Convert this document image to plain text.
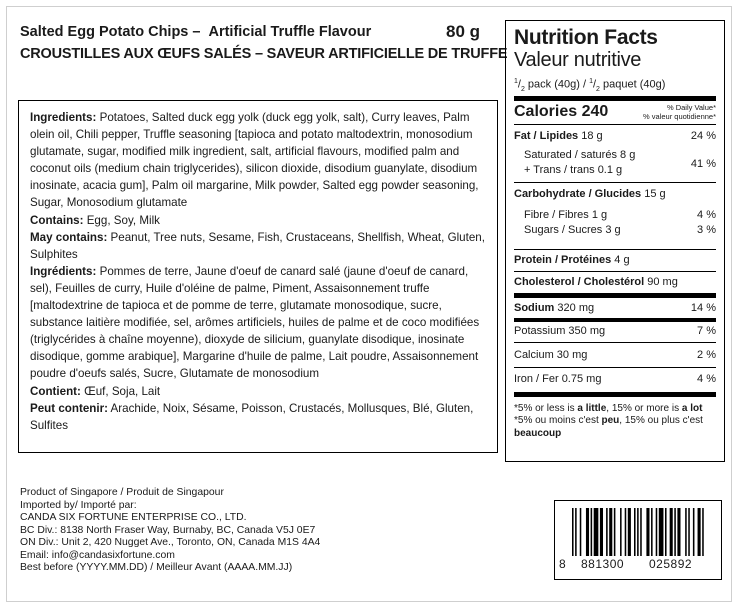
Salted Egg Potato Chips – Artificial Truffle Flavour	80 g
CROUSTILLES AUX ŒUFS SALÉS – SAVEUR ARTIFICIELLE DE TRUFFE

Ingredients: Potatoes, Salted duck egg yolk (duck egg yolk, salt), Curry leaves, Palm olein oil, Chili pepper, Truffle seasoning [tapioca and potato maltodextrin, monosodium glutamate, sugar, modified milk ingredient, salt, artificial flavours, modified palm and coconut oils (medium chain triglycerides), silicon dioxide, disodium guanylate, disodium inosinate, acacia gum], Palm oil margarine, Milk powder, Salted egg powder seasoning, Sugar, Monosodium glutamate

Contains: Egg, Soy, Milk

May contains: Peanut, Tree nuts, Sesame, Fish, Crustaceans, Shellfish, Wheat, Gluten, Sulphites

Ingrédients: Pommes de terre, Jaune d'oeuf de canard salé (jaune d'oeuf de canard, sel), Feuilles de curry, Huile d'oléine de palme, Piment, Assaisonnement truffe [maltodextrine de tapioca et de pomme de terre, glutamate monosodique, sucre, substance laitière modifiée, sel, arômes artificiels, huiles de palme et de coco modifiées (triglycérides à chaîne moyenne), dioxyde de silicium, guanylate disodique, inosinate disodique, gomme arabique], Margarine d'huile de palme, Lait poudre, Assaisonnement poudre d'oeufs salés, Sucre, Glutamate de monosodium

Contient: Œuf, Soja, Lait

Peut contenir: Arachide, Noix, Sésame, Poisson, Crustacés, Mollusques, Blé, Gluten, Sulfites

Product of Singapore / Produit de Singapour
Imported by/ Importé par:
CANDA SIX FORTUNE ENTERPRISE CO., LTD.
BC Div.: 8138 North Fraser Way, Burnaby, BC, Canada V5J 0E7
ON Div.: Unit 2, 420 Nugget Ave., Toronto, ON, Canada M1S 4A4
Email: info@candasixfortune.com
Best before (YYYY.MM.DD) / Meilleur Avant (AAAA.MM.JJ)
Nutrition Facts
Valeur nutritive
$^1/_2$ pack $(40g) / ^1/_2$ paquet (40g)
Calories 240	% Daily Value*
% valeur quotidienne*
Fat / Lipides 18 g	24 %
Saturated / saturés 8 g
+ Trans / trans 0.1 g	41 %
Carbohydrate / Glucides 15 g
Fibre / Fibres 1 g	4 %
Sugars / Sucres 3 g	3 %
Protein / Protéines 4 g
Cholesterol / Cholestérol 90 mg
Sodium 320 mg	14 %
Potassium 350 mg	7 %
Calcium 30 mg	2 %
Iron / Fer 0.75 mg	4 %
*5% or less is a little, 15% or more is a lot
*5% ou moins c'est peu, 15% ou plus c'est beaucoup
8 881300 025892
